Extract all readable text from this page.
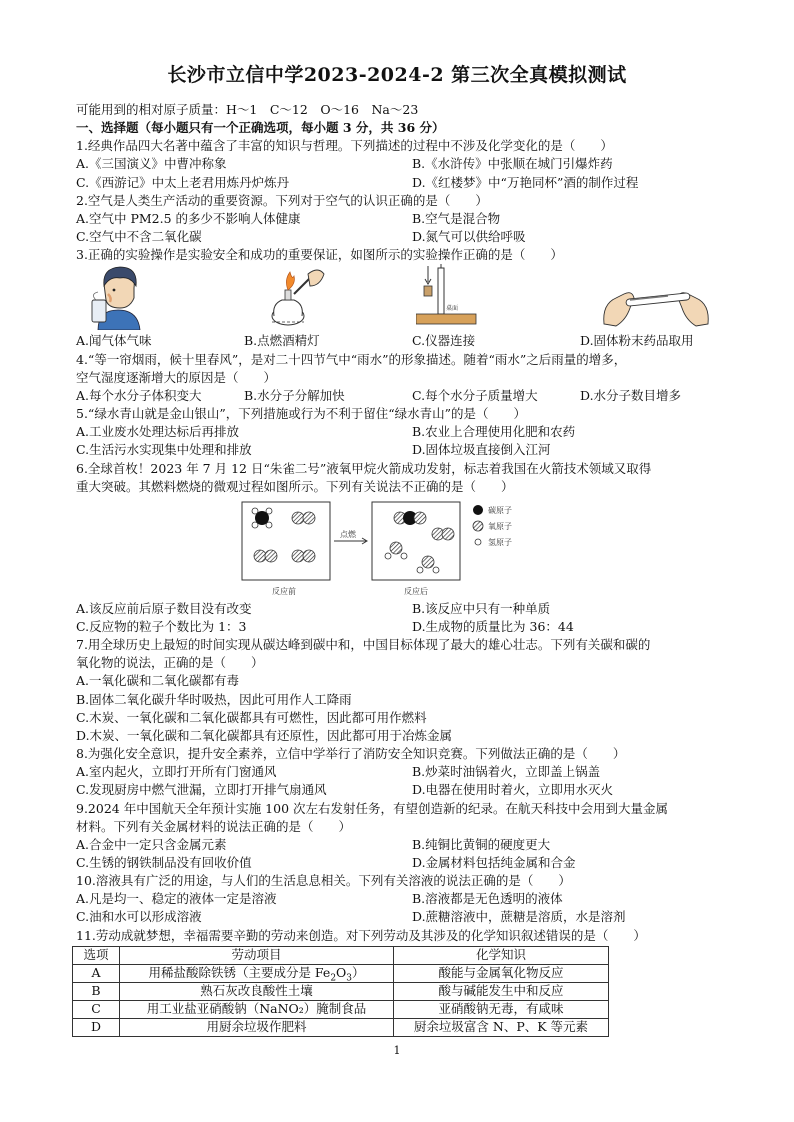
长沙市立信中学2023-2024-2 第三次全真模拟测试
可能用到的相对原子质量：H～1　C～12　O～16　Na～23
一、选择题（每小题只有一个正确选项，每小题 3 分，共 36 分）
1.经典作品四大名著中蕴含了丰富的知识与哲理。下列描述的过程中不涉及化学变化的是（　　）
A.《三国演义》中曹冲称象	B.《水浒传》中张顺在城门引爆炸药
C.《西游记》中太上老君用炼丹炉炼丹	D.《红楼梦》中“万艳同杯”酒的制作过程
2.空气是人类生产活动的重要资源。下列对于空气的认识正确的是（　　）
A.空气中 PM2.5 的多少不影响人体健康	B.空气是混合物
C.空气中不含二氧化碳	D.氮气可以供给呼吸
3.正确的实验操作是实验安全和成功的重要保证，如图所示的实验操作正确的是（　　）
桌面
A.闻气体气味	B.点燃酒精灯	C.仪器连接	D.固体粉末药品取用
4.“等一帘烟雨，候十里春风”，是对二十四节气中“雨水”的形象描述。随着“雨水”之后雨量的增多，
空气湿度逐渐增大的原因是（　　）
A.每个水分子体积变大	B.水分子分解加快	C.每个水分子质量增大	D.水分子数目增多
5.“绿水青山就是金山银山”，下列措施或行为不利于留住“绿水青山”的是（　　）
A.工业废水处理达标后再排放	B.农业上合理使用化肥和农药
C.生活污水实现集中处理和排放	D.固体垃圾直接倒入江河
6.全球首枚！2023 年 7 月 12 日“朱雀二号”液氧甲烷火箭成功发射，标志着我国在火箭技术领域又取得
重大突破。其燃料燃烧的微观过程如图所示。下列有关说法不正确的是（　　）
反应前
点燃
反应后
碳原子
氧原子
氢原子
A.该反应前后原子数目没有改变	B.该反应中只有一种单质
C.反应物的粒子个数比为 1：3	D.生成物的质量比为 36：44
7.用全球历史上最短的时间实现从碳达峰到碳中和，中国目标体现了最大的雄心壮志。下列有关碳和碳的
氧化物的说法，正确的是（　　）
A.一氧化碳和二氧化碳都有毒
B.固体二氧化碳升华时吸热，因此可用作人工降雨
C.木炭、一氧化碳和二氧化碳都具有可燃性，因此都可用作燃料
D.木炭、一氧化碳和二氧化碳都具有还原性，因此都可用于冶炼金属
8.为强化安全意识，提升安全素养，立信中学举行了消防安全知识竞赛。下列做法正确的是（　　）
A.室内起火，立即打开所有门窗通风	B.炒菜时油锅着火，立即盖上锅盖
C.发现厨房中燃气泄漏，立即打开排气扇通风	D.电器在使用时着火，立即用水灭火
9.2024 年中国航天全年预计实施 100 次左右发射任务，有望创造新的纪录。在航天科技中会用到大量金属
材料。下列有关金属材料的说法正确的是（　　）
A.合金中一定只含金属元素	B.纯铜比黄铜的硬度更大
C.生锈的钢铁制品没有回收价值	D.金属材料包括纯金属和合金
10.溶液具有广泛的用途，与人们的生活息息相关。下列有关溶液的说法正确的是（　　）
A.凡是均一、稳定的液体一定是溶液	B.溶液都是无色透明的液体
C.油和水可以形成溶液	D.蔗糖溶液中，蔗糖是溶质，水是溶剂
11.劳动成就梦想，幸福需要辛勤的劳动来创造。对下列劳动及其涉及的化学知识叙述错误的是（　　）
选项	劳动项目	化学知识
A	用稀盐酸除铁锈（主要成分是 $Fe_2O_3$）	酸能与金属氧化物反应
B	熟石灰改良酸性土壤	酸与碱能发生中和反应
C	用工业盐亚硝酸钠（NaNO₂）腌制食品	亚硝酸钠无毒，有咸味
D	用厨余垃圾作肥料	厨余垃圾富含 N、P、K 等元素
1
